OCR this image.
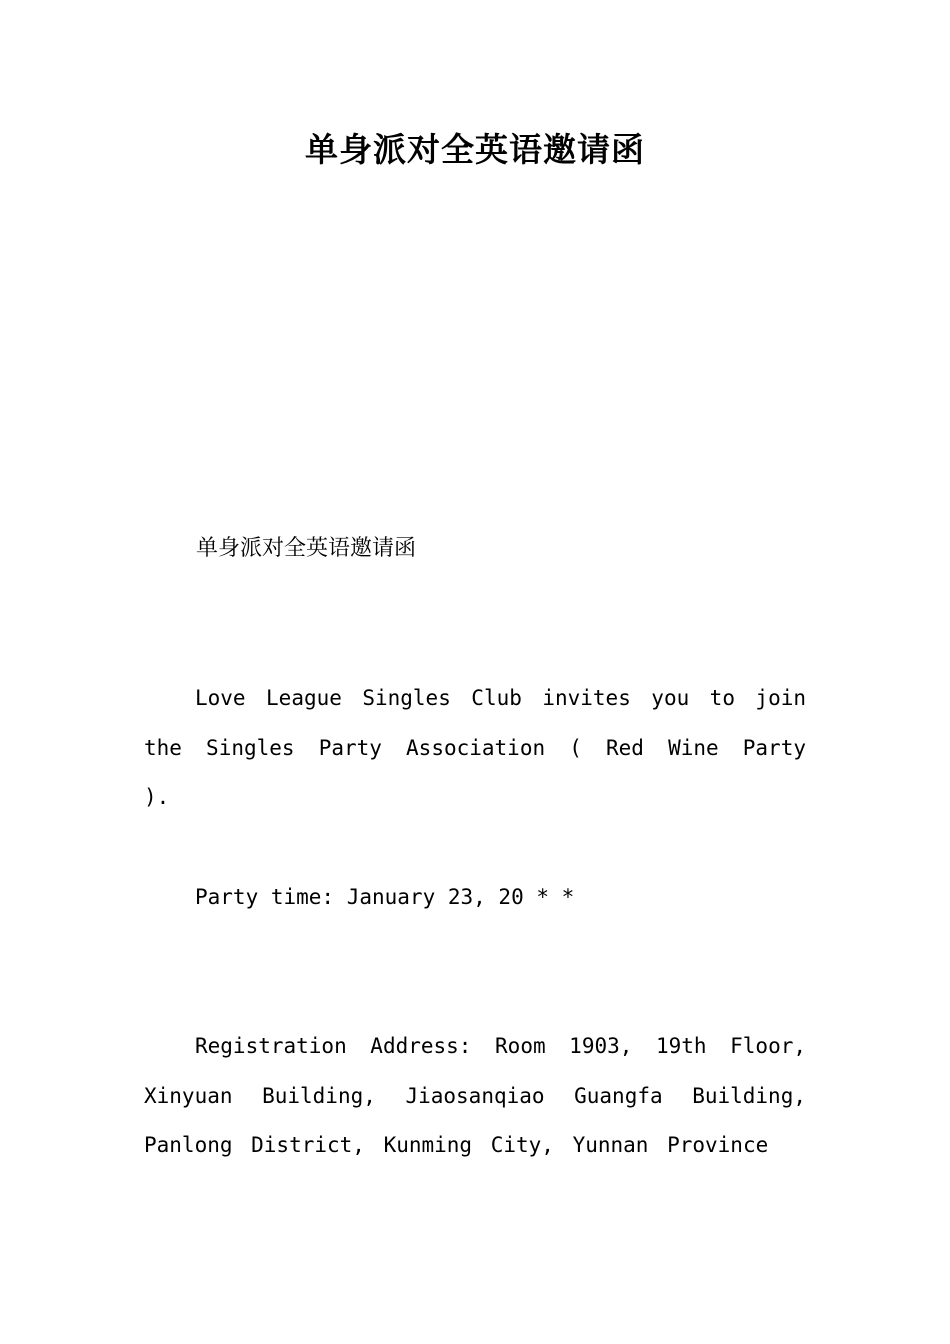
单身派对全英语邀请函
单身派对全英语邀请函
Love League Singles Club invites you to join the Singles Party Association ( Red Wine Party ).
Party time: January 23, 20 * *
Registration Address: Room 1903, 19th Floor, Xinyuan Building, Jiaosanqiao Guangfa Building, Panlong District, Kunming City, Yunnan Province
